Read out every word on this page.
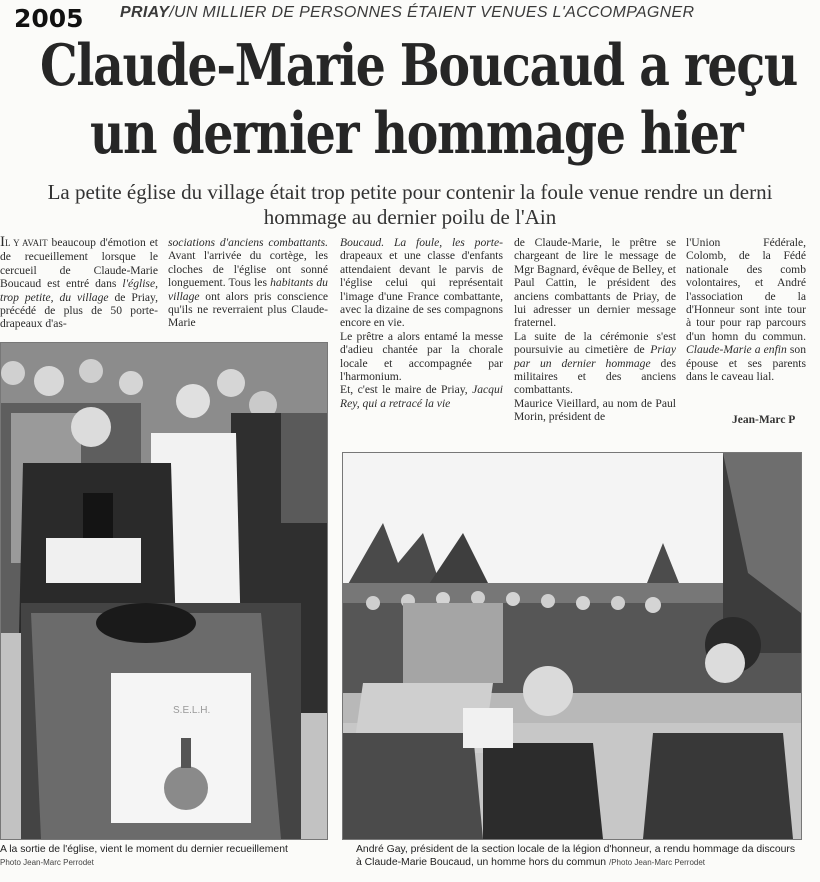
2005 PRIAY/UN MILLIER DE PERSONNES ÉTAIENT VENUES L'ACCOMPAGNER
Claude-Marie Boucaud a reçu
un dernier hommage hier
La petite église du village était trop petite pour contenir la foule venue rendre un derni
hommage au dernier poilu de l'Ain

IL Y AVAIT beaucoup d'émotion et de recueillement lorsque le cercueil de Claude-Marie Boucaud est entré dans l'église, trop petite, du village de Priay, précédé de plus de 50 porte-drapeaux d'as-

sociations d'anciens combattants. Avant l'arrivée du cortège, les cloches de l'église ont sonné longuement. Tous les habitants du village ont alors pris conscience qu'ils ne reverraient plus Claude-Marie

Boucaud. La foule, les porte-drapeaux et une classe d'enfants attendaient devant le parvis de l'église celui qui représentait l'image d'une France combattante, avec la dizaine de ses compagnons encore en vie.

Le prêtre a alors entamé la messe d'adieu chantée par la chorale locale et accompagnée par l'harmonium.

Et, c'est le maire de Priay, Jacqui Rey, qui a retracé la vie

de Claude-Marie, le prêtre se chargeant de lire le message de Mgr Bagnard, évêque de Belley, et Paul Cattin, le président des anciens combattants de Priay, de lui adresser un dernier message fraternel.

La suite de la cérémonie s'est poursuivie au cimetière de Priay par un dernier hommage des militaires et des anciens combattants.

Maurice Vieillard, au nom de Paul Morin, président de

l'Union Fédérale, Colomb, de la Fédé nationale des comb volontaires, et André l'association de la d'Honneur sont inte tour à tour pour rap parcours d'un homn du commun. Claude-Marie a enfin son épouse et ses parents dans le caveau lial.

Jean-Marc P
S.E.L.H.
A la sortie de l'église, vient le moment du dernier recueillement
Photo Jean-Marc Perrodet
André Gay, président de la section locale de la légion d'honneur, a rendu hommage da discours à Claude-Marie Boucaud, un homme hors du commun /Photo Jean-Marc Perrodet
